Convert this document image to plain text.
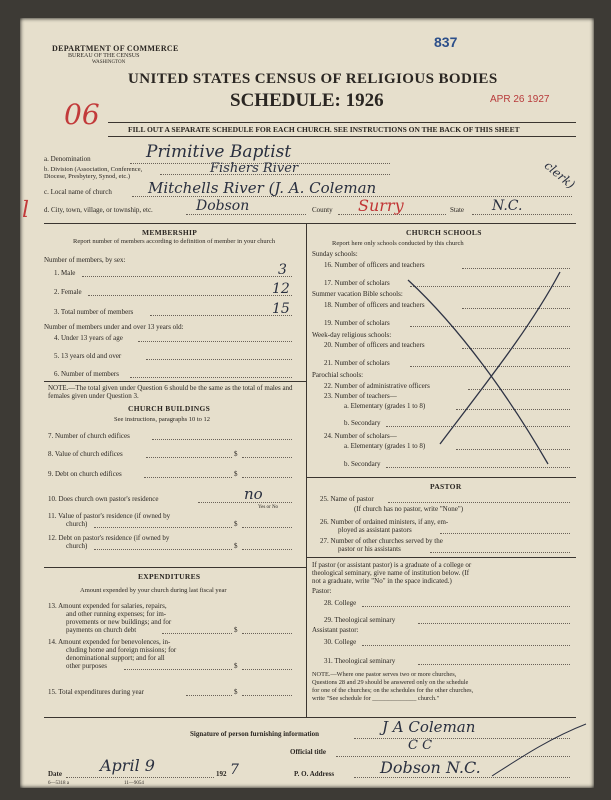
DEPARTMENT OF COMMERCE
BUREAU OF THE CENSUS
WASHINGTON
837
UNITED STATES CENSUS OF RELIGIOUS BODIES
SCHEDULE: 1926	APR 26 1927
06	FILL OUT A SEPARATE SCHEDULE FOR EACH CHURCH. SEE INSTRUCTIONS ON THE BACK OF THIS SHEET
l
a. Denomination	Primitive Baptist
b. Division (Association, Conference, Diocese, Presbytery, Synod, etc.)
Fishers River
c. Local name of church Mitchells River (J. A. Coleman	clerk)
d. City, town, village, or township, etc.	Dobson	County Surry	State N.C.
MEMBERSHIP
Report number of members according to definition of member in your church
Number of members, by sex:
1. Male	3
2. Female	12
3. Total number of members	15
Number of members under and over 13 years old:
4. Under 13 years of age
5. 13 years old and over
6. Number of members
NOTE.—The total given under Question 6 should be the same as the total of males and females given under Question 3.
CHURCH BUILDINGS
See instructions, paragraphs 10 to 12
7. Number of church edifices
8. Value of church edifices	$
9. Debt on church edifices	$
10. Does church own pastor's residence	no
Yes or No
11. Value of pastor's residence (if owned by
church)	$
12. Debt on pastor's residence (if owned by
church)	$
EXPENDITURES
Amount expended by your church during last fiscal year
13. Amount expended for salaries, repairs,
and other running expenses; for im-
provements or new buildings; and for
payments on church debt	$
14. Amount expended for benevolences, in-
cluding home and foreign missions; for
denominational support; and for all
other purposes	$
15. Total expenditures during year	$
CHURCH SCHOOLS
Report here only schools conducted by this church
Sunday schools:
16. Number of officers and teachers
17. Number of scholars
Summer vacation Bible schools:
18. Number of officers and teachers
19. Number of scholars
Week-day religious schools:
20. Number of officers and teachers
21. Number of scholars
Parochial schools:
22. Number of administrative officers
23. Number of teachers—
a. Elementary (grades 1 to 8)
b. Secondary
24. Number of scholars—
a. Elementary (grades 1 to 8)
b. Secondary
PASTOR
25. Name of pastor
(If church has no pastor, write "None")
26. Number of ordained ministers, if any, em-
ployed as assistant pastors
27. Number of other churches served by the
pastor or his assistants
If pastor (or assistant pastor) is a graduate of a college or
theological seminary, give name of institution below. (If
not a graduate, write "No" in the space indicated.)
Pastor:
28. College
29. Theological seminary
Assistant pastor:
30. College
31. Theological seminary
NOTE.—Where one pastor serves two or more churches,
Questions 28 and 29 should be answered only on the schedule
for one of the churches; on the schedules for the other churches,
write "See schedule for ______________ church."
Signature of person furnishing information	J A Coleman
Official title	C C
Date April 9	192 7	P. O. Address	Dobson N.C.
6—5318 a	11—9054
